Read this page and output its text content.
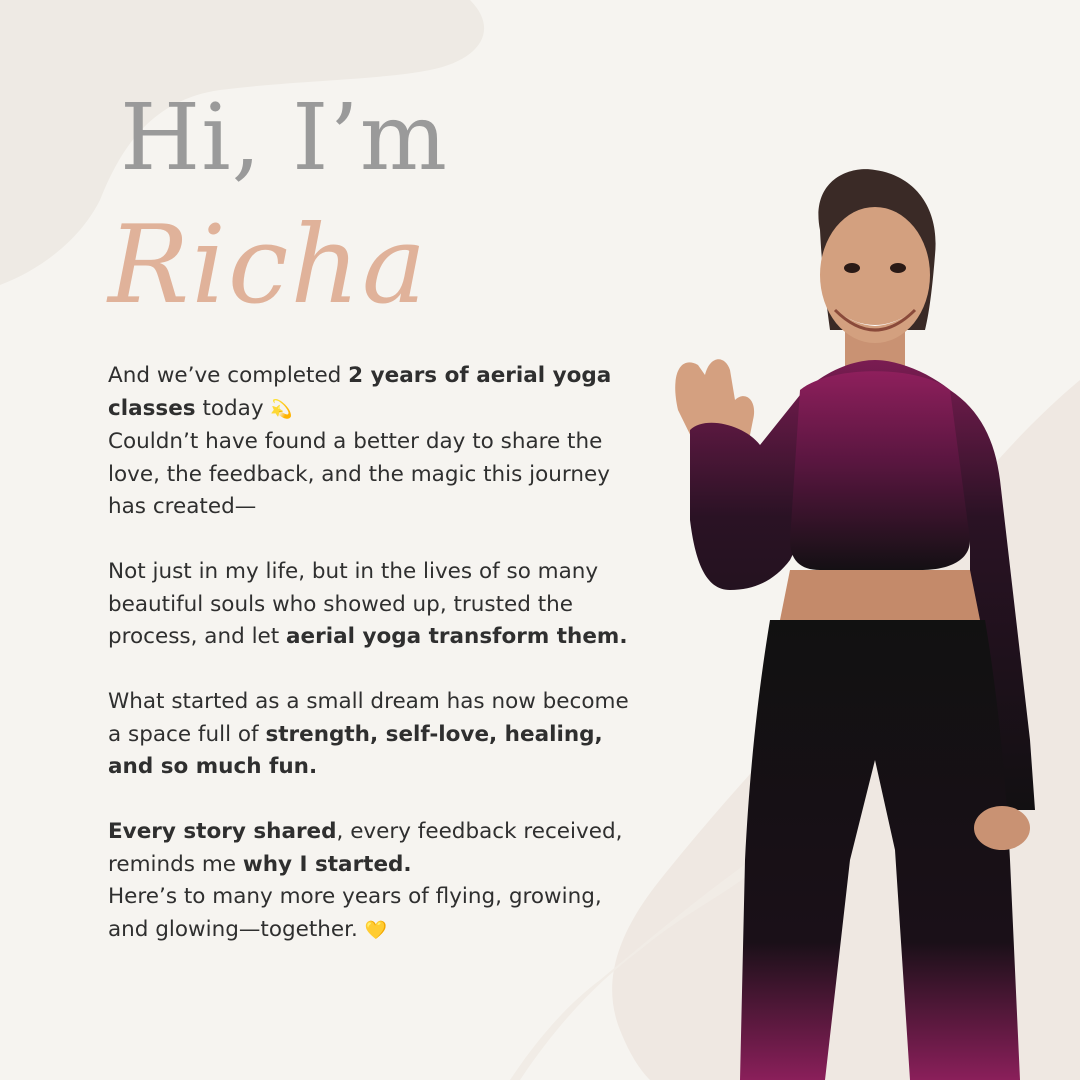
Hi, I’m
Richa

And we’ve completed 2 years of aerial yoga classes today 💫
Couldn’t have found a better day to share the love, the feedback, and the magic this journey has created—

Not just in my life, but in the lives of so many beautiful souls who showed up, trusted the process, and let aerial yoga transform them.

What started as a small dream has now become a space full of strength, self-love, healing, and so much fun.

Every story shared, every feedback received, reminds me why I started.
Here’s to many more years of flying, growing, and glowing—together. 💛
